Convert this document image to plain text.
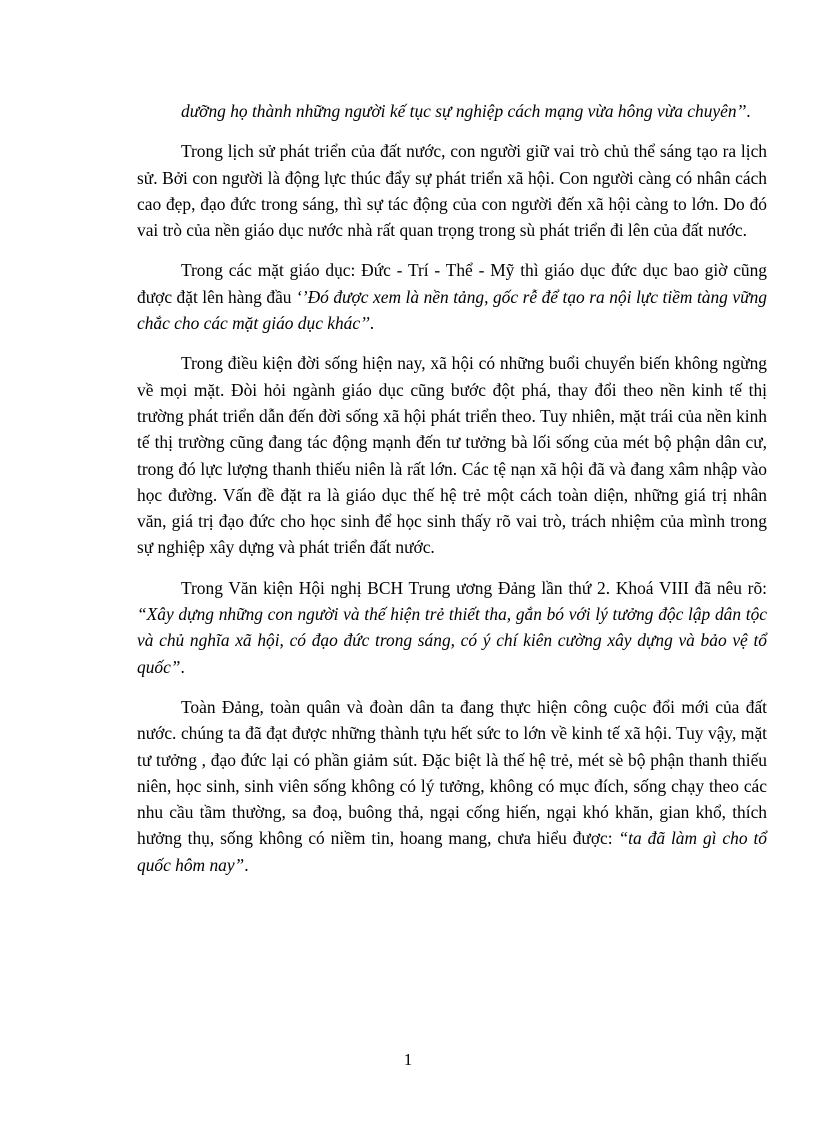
dưỡng họ thành những người kế tục sự nghiệp cách mạng vừa hông vừa chuyên’’.

Trong lịch sử phát triển của đất nước, con người giữ vai trò chủ thể sáng tạo ra lịch sử. Bởi con người là động lực thúc đẩy sự phát triển xã hội. Con người càng có nhân cách cao đẹp, đạo đức trong sáng, thì sự tác động của con người đến xã hội càng to lớn. Do đó vai trò của nền giáo dục nước nhà rất quan trọng trong sù phát triển đi lên của đất nước.

Trong các mặt giáo dục: Đức - Trí - Thể - Mỹ thì giáo dục đức dục bao giờ cũng được đặt lên hàng đầu ‘’Đó được xem là nền tảng, gốc rễ để tạo ra nội lực tiềm tàng vững chắc cho các mặt giáo dục khác’’.

Trong điều kiện đời sống hiện nay, xã hội có những buổi chuyển biến không ngừng về mọi mặt. Đòi hỏi ngành giáo dục cũng bước đột phá, thay đổi theo nền kinh tế thị trường phát triển dẫn đến đời sống xã hội phát triển theo. Tuy nhiên, mặt trái của nền kinh tế thị trường cũng đang tác động mạnh đến tư tưởng bà lối sống của mét bộ phận dân cư, trong đó lực lượng thanh thiếu niên là rất lớn. Các tệ nạn xã hội đã và đang xâm nhập vào học đường. Vấn đề đặt ra là giáo dục thế hệ trẻ một cách toàn diện, những giá trị nhân văn, giá trị đạo đức cho học sinh để học sinh thấy rõ vai trò, trách nhiệm của mình trong sự nghiệp xây dựng và phát triển đất nước.

Trong Văn kiện Hội nghị BCH Trung ương Đảng lần thứ 2. Khoá VIII đã nêu rõ: “Xây dựng những con người và thế hiện trẻ thiết tha, gắn bó với lý tưởng độc lập dân tộc và chủ nghĩa xã hội, có đạo đức trong sáng, có ý chí kiên cường xây dựng và bảo vệ tổ quốc”.

Toàn Đảng, toàn quân và đoàn dân ta đang thực hiện công cuộc đổi mới của đất nước. chúng ta đã đạt được những thành tựu hết sức to lớn về kinh tế xã hội. Tuy vậy, mặt tư tưởng , đạo đức lại có phần giảm sút. Đặc biệt là thế hệ trẻ, mét sè bộ phận thanh thiếu niên, học sinh, sinh viên sống không có lý tưởng, không có mục đích, sống chạy theo các nhu cầu tầm thường, sa đoạ, buông thả, ngại cống hiến, ngại khó khăn, gian khổ, thích hưởng thụ, sống không có niềm tin, hoang mang, chưa hiểu được: “ta đã làm gì cho tổ quốc hôm nay”.

1
